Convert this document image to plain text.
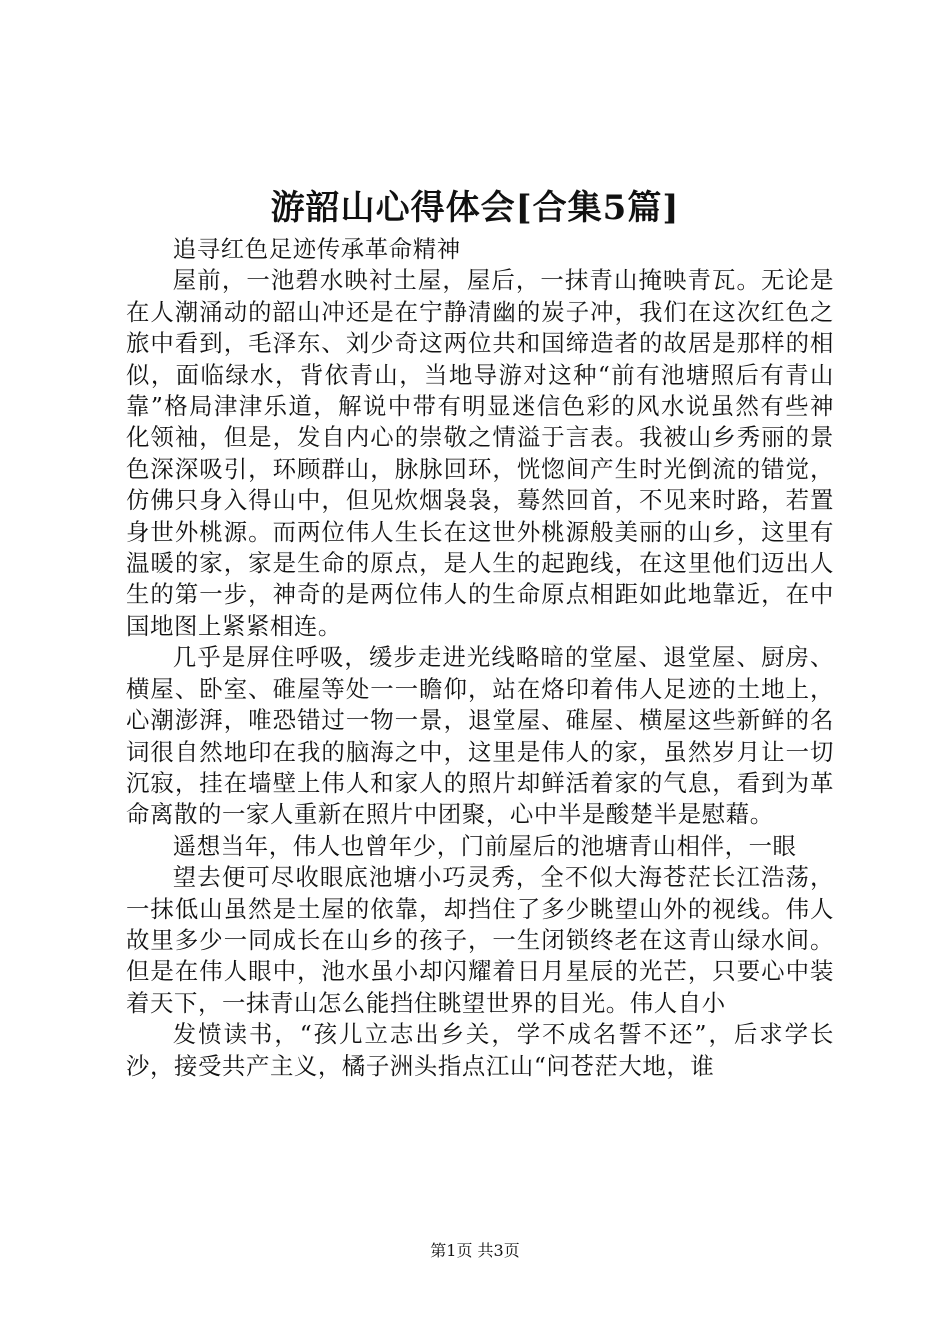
游韶山心得体会[合集5篇]

追寻红色足迹传承革命精神

屋前，一池碧水映衬土屋，屋后，一抹青山掩映青瓦。无论是在人潮涌动的韶山冲还是在宁静清幽的炭子冲，我们在这次红色之旅中看到，毛泽东、刘少奇这两位共和国缔造者的故居是那样的相似，面临绿水，背依青山，当地导游对这种“前有池塘照后有青山靠”格局津津乐道，解说中带有明显迷信色彩的风水说虽然有些神化领袖，但是，发自内心的崇敬之情溢于言表。我被山乡秀丽的景色深深吸引，环顾群山，脉脉回环，恍惚间产生时光倒流的错觉，仿佛只身入得山中，但见炊烟袅袅，蓦然回首，不见来时路，若置身世外桃源。而两位伟人生长在这世外桃源般美丽的山乡，这里有温暖的家，家是生命的原点，是人生的起跑线，在这里他们迈出人生的第一步，神奇的是两位伟人的生命原点相距如此地靠近，在中国地图上紧紧相连。

几乎是屏住呼吸，缓步走进光线略暗的堂屋、退堂屋、厨房、横屋、卧室、碓屋等处一一瞻仰，站在烙印着伟人足迹的土地上，心潮澎湃，唯恐错过一物一景，退堂屋、碓屋、横屋这些新鲜的名词很自然地印在我的脑海之中，这里是伟人的家，虽然岁月让一切沉寂，挂在墙壁上伟人和家人的照片却鲜活着家的气息，看到为革命离散的一家人重新在照片中团聚，心中半是酸楚半是慰藉。

遥想当年，伟人也曾年少，门前屋后的池塘青山相伴，一眼

望去便可尽收眼底池塘小巧灵秀，全不似大海苍茫长江浩荡，一抹低山虽然是土屋的依靠，却挡住了多少眺望山外的视线。伟人故里多少一同成长在山乡的孩子，一生闭锁终老在这青山绿水间。但是在伟人眼中，池水虽小却闪耀着日月星辰的光芒，只要心中装着天下，一抹青山怎么能挡住眺望世界的目光。伟人自小

发愤读书，“孩儿立志出乡关，学不成名誓不还”，后求学长沙，接受共产主义，橘子洲头指点江山“问苍茫大地，谁

第1页 共3页
